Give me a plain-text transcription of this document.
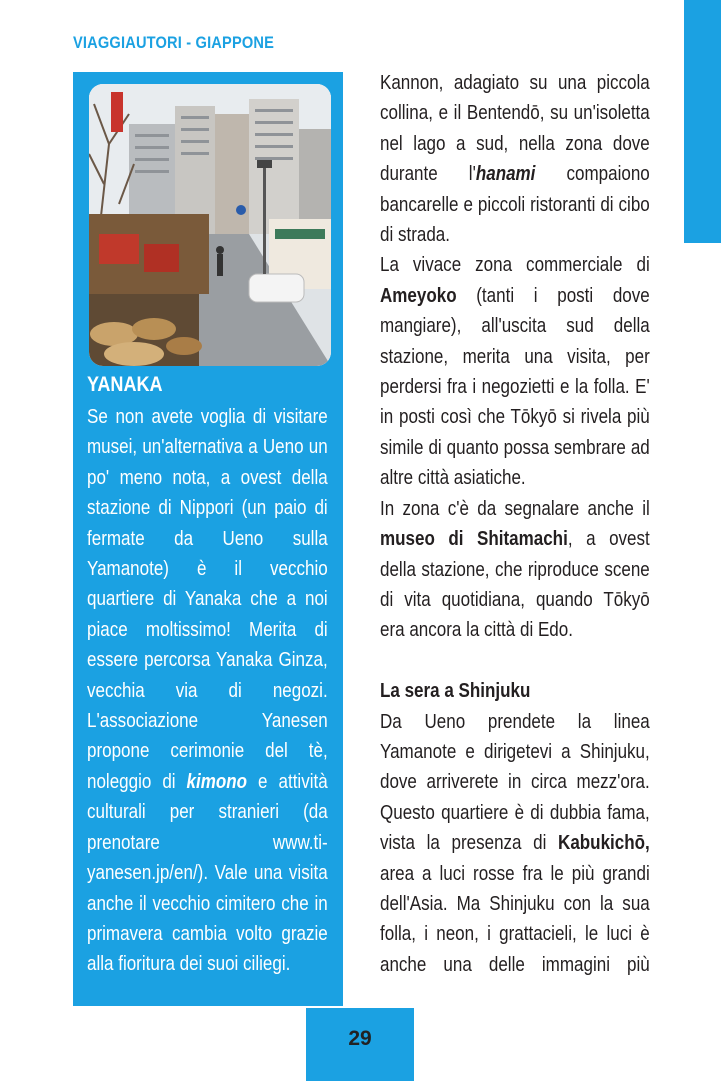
VIAGGIAUTORI - GIAPPONE
YANAKA
Se non avete voglia di visitare musei, un'alternativa a Ueno un po' meno nota, a ovest della stazione di Nippori (un paio di fermate da Ueno sulla Yamanote) è il vecchio quartiere di Yanaka che a noi piace moltissimo! Merita di essere percorsa Yanaka Ginza, vecchia via di negozi. L'associazione Yanesen propone cerimonie del tè, noleggio di kimono e attività culturali per stranieri (da prenotare www.ti-yanesen.jp/en/). Vale una visita anche il vecchio cimitero che in primavera cambia volto grazie alla fioritura dei suoi ciliegi.

Kannon, adagiato su una piccola collina, e il Bentendō, su un'isoletta nel lago a sud, nella zona dove durante l'hanami compaiono bancarelle e piccoli ristoranti di cibo di strada.

La vivace zona commerciale di Ameyoko (tanti i posti dove mangiare), all'uscita sud della stazione, merita una visita, per perdersi fra i negozietti e la folla. E' in posti così che Tōkyō si rivela più simile di quanto possa sembrare ad altre città asiatiche.

In zona c'è da segnalare anche il museo di Shitamachi, a ovest della stazione, che riproduce scene di vita quotidiana, quando Tōkyō era ancora la città di Edo.

La sera a Shinjuku

Da Ueno prendete la linea Yamanote e dirigetevi a Shinjuku, dove arriverete in circa mezz'ora. Questo quartiere è di dubbia fama, vista la presenza di Kabukichō, area a luci rosse fra le più grandi dell'Asia. Ma Shinjuku con la sua folla, i neon, i grattacieli, le luci è anche una delle immagini più

29
